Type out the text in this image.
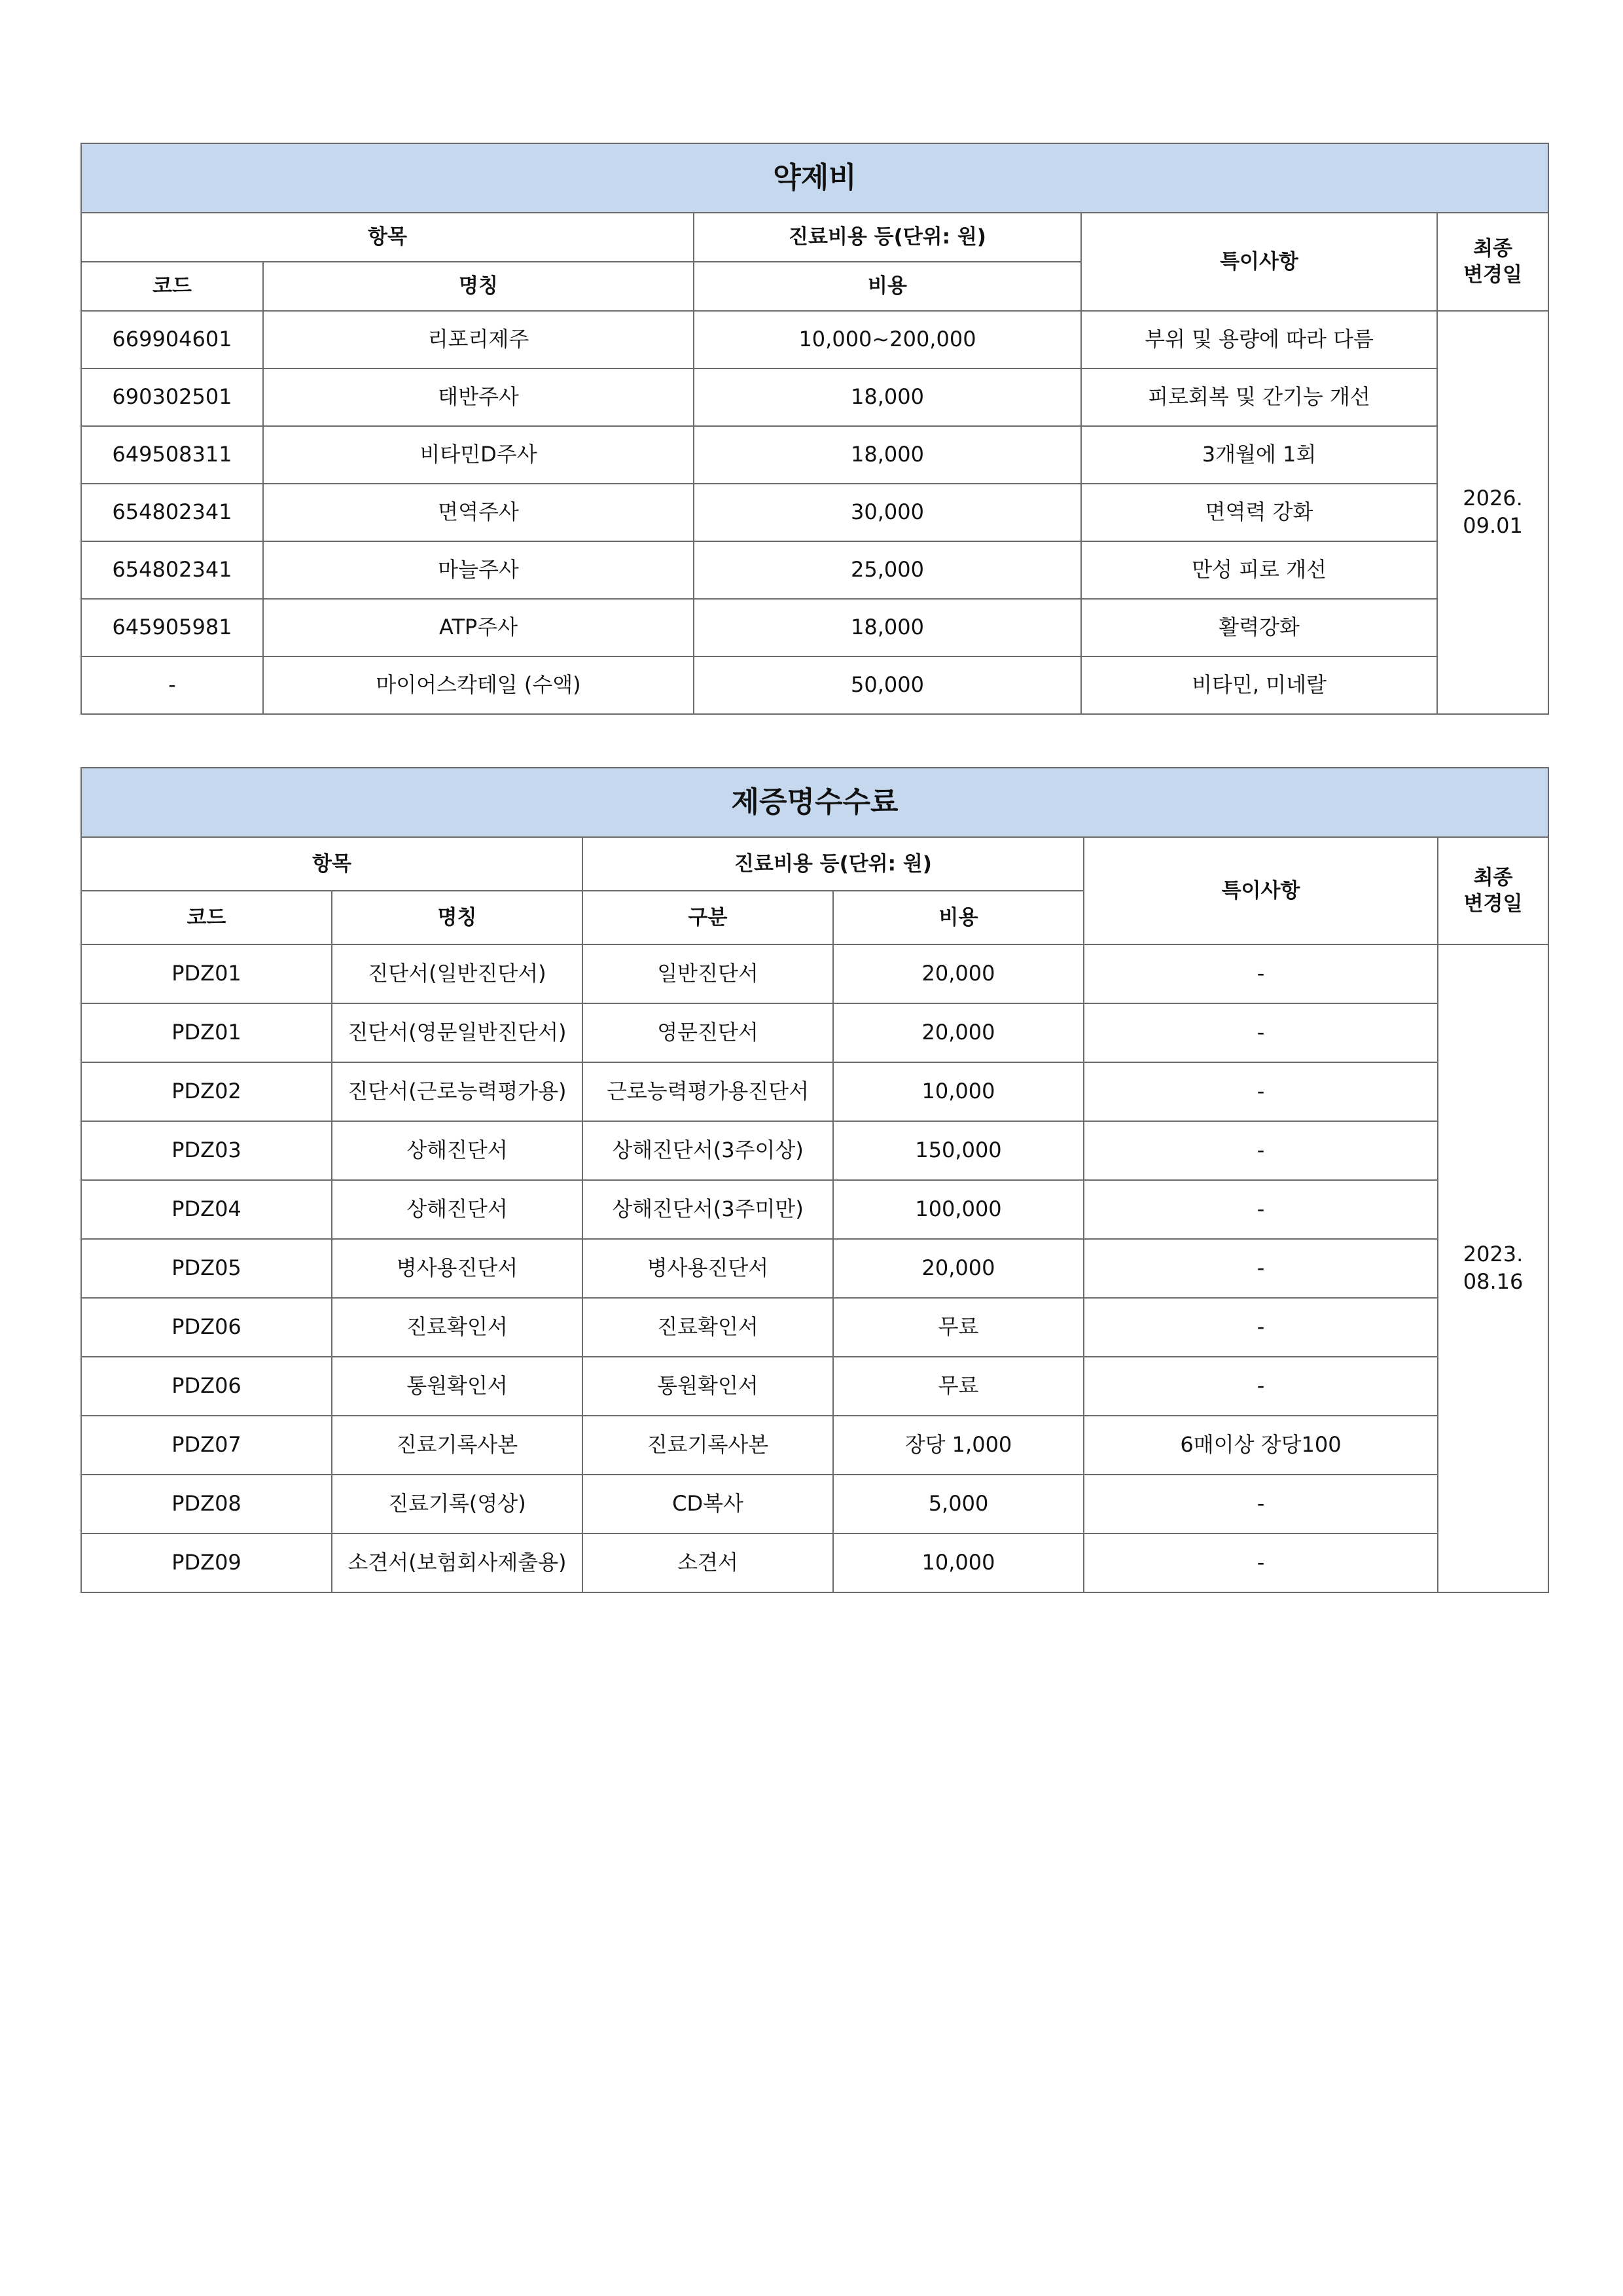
약제비				
항목		진료비용 등(단위: 원)	특이사항	최종
변경일

코드	명칭	비용		
669904601	리포리제주	10,000~200,000	부위 및 용량에 따라 다름	2026.
09.01

690302501	태반주사	18,000	피로회복 및 간기능 개선	
649508311	비타민D주사	18,000	3개월에 1회	
654802341	면역주사	30,000	면역력 강화	
654802341	마늘주사	25,000	만성 피로 개선	
645905981	ATP주사	18,000	활력강화	
-	마이어스칵테일 (수액)	50,000	비타민, 미네랄	
제증명수수료					
항목		진료비용 등(단위: 원)		특이사항	최종
변경일

코드	명칭	구분	비용		
PDZ01	진단서(일반진단서)	일반진단서	20,000	-	2023.
08.16

PDZ01	진단서(영문일반진단서)	영문진단서	20,000	-	
PDZ02	진단서(근로능력평가용)	근로능력평가용진단서	10,000	-	
PDZ03	상해진단서	상해진단서(3주이상)	150,000	-	
PDZ04	상해진단서	상해진단서(3주미만)	100,000	-	
PDZ05	병사용진단서	병사용진단서	20,000	-	
PDZ06	진료확인서	진료확인서	무료	-	
PDZ06	통원확인서	통원확인서	무료	-	
PDZ07	진료기록사본	진료기록사본	장당 1,000	6매이상 장당100	
PDZ08	진료기록(영상)	CD복사	5,000	-	
PDZ09	소견서(보험회사제출용)	소견서	10,000	-	
